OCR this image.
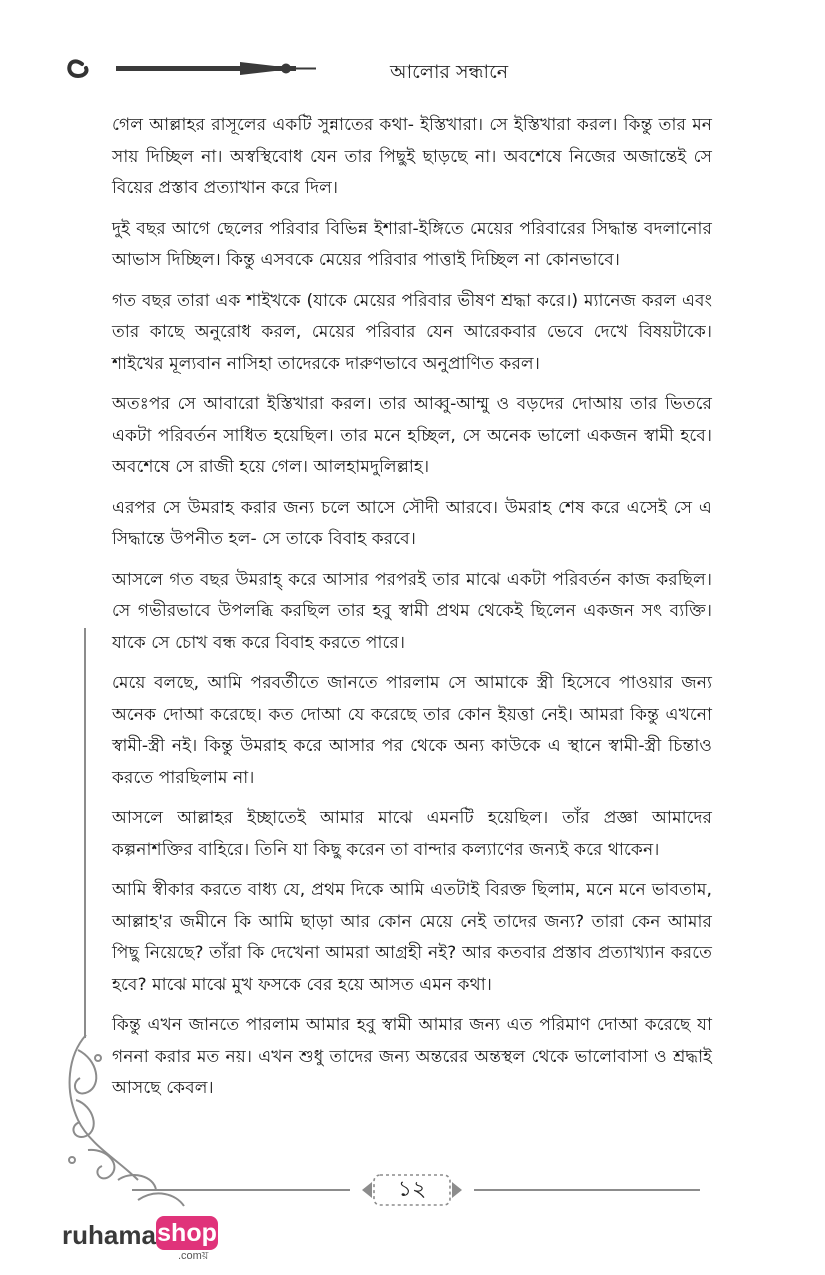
আলোর সন্ধানে

গেল আল্লাহর রাসূলের একটি সুন্নাতের কথা- ইস্তিখারা। সে ইস্তিখারা করল। কিন্তু তার মন সায় দিচ্ছিল না। অস্বস্থিবোধ যেন তার পিছুই ছাড়ছে না। অবশেষে নিজের অজান্তেই সে বিয়ের প্রস্তাব প্রত্যাখান করে দিল।

দুই বছর আগে ছেলের পরিবার বিভিন্ন ইশারা-ইঙ্গিতে মেয়ের পরিবারের সিদ্ধান্ত বদলানোর আভাস দিচ্ছিল। কিন্তু এসবকে মেয়ের পরিবার পাত্তাই দিচ্ছিল না কোনভাবে।

গত বছর তারা এক শাইখকে (যাকে মেয়ের পরিবার ভীষণ শ্রদ্ধা করে।) ম্যানেজ করল এবং তার কাছে অনুরোধ করল, মেয়ের পরিবার যেন আরেকবার ভেবে দেখে বিষয়টাকে। শাইখের মূল্যবান নাসিহা তাদেরকে দারুণভাবে অনুপ্রাণিত করল।

অতঃপর সে আবারো ইস্তিখারা করল। তার আব্বু-আম্মু ও বড়দের দোআয় তার ভিতরে একটা পরিবর্তন সাধিত হয়েছিল। তার মনে হচ্ছিল, সে অনেক ভালো একজন স্বামী হবে। অবশেষে সে রাজী হয়ে গেল। আলহামদুলিল্লাহ।

এরপর সে উমরাহ করার জন্য চলে আসে সৌদী আরবে। উমরাহ শেষ করে এসেই সে এ সিদ্ধান্তে উপনীত হল- সে তাকে বিবাহ করবে।

আসলে গত বছর উমরাহ্ করে আসার পরপরই তার মাঝে একটা পরিবর্তন কাজ করছিল। সে গভীরভাবে উপলব্ধি করছিল তার হবু স্বামী প্রথম থেকেই ছিলেন একজন সৎ ব্যক্তি। যাকে সে চোখ বন্ধ করে বিবাহ করতে পারে।

মেয়ে বলছে, আমি পরবর্তীতে জানতে পারলাম সে আমাকে স্ত্রী হিসেবে পাওয়ার জন্য অনেক দোআ করেছে। কত দোআ যে করেছে তার কোন ইয়ত্তা নেই। আমরা কিন্তু এখনো স্বামী-স্ত্রী নই। কিন্তু উমরাহ করে আসার পর থেকে অন্য কাউকে এ স্থানে স্বামী-স্ত্রী চিন্তাও করতে পারছিলাম না।

আসলে আল্লাহর ইচ্ছাতেই আমার মাঝে এমনটি হয়েছিল। তাঁর প্রজ্ঞা আমাদের কল্পনাশক্তির বাহিরে। তিনি যা কিছু করেন তা বান্দার কল্যাণের জন্যই করে থাকেন।

আমি স্বীকার করতে বাধ্য যে, প্রথম দিকে আমি এতটাই বিরক্ত ছিলাম, মনে মনে ভাবতাম, আল্লাহ'র জমীনে কি আমি ছাড়া আর কোন মেয়ে নেই তাদের জন্য? তারা কেন আমার পিছু নিয়েছে? তাঁরা কি দেখেনা আমরা আগ্রহী নই? আর কতবার প্রস্তাব প্রত্যাখ্যান করতে হবে? মাঝে মাঝে মুখ ফসকে বের হয়ে আসত এমন কথা।

কিন্তু এখন জানতে পারলাম আমার হবু স্বামী আমার জন্য এত পরিমাণ দোআ করেছে যা গননা করার মত নয়। এখন শুধু তাদের জন্য অন্তরের অন্তস্থল থেকে ভালোবাসা ও শ্রদ্ধাই আসছে কেবল।

১২
ruhama shop
.comয়
